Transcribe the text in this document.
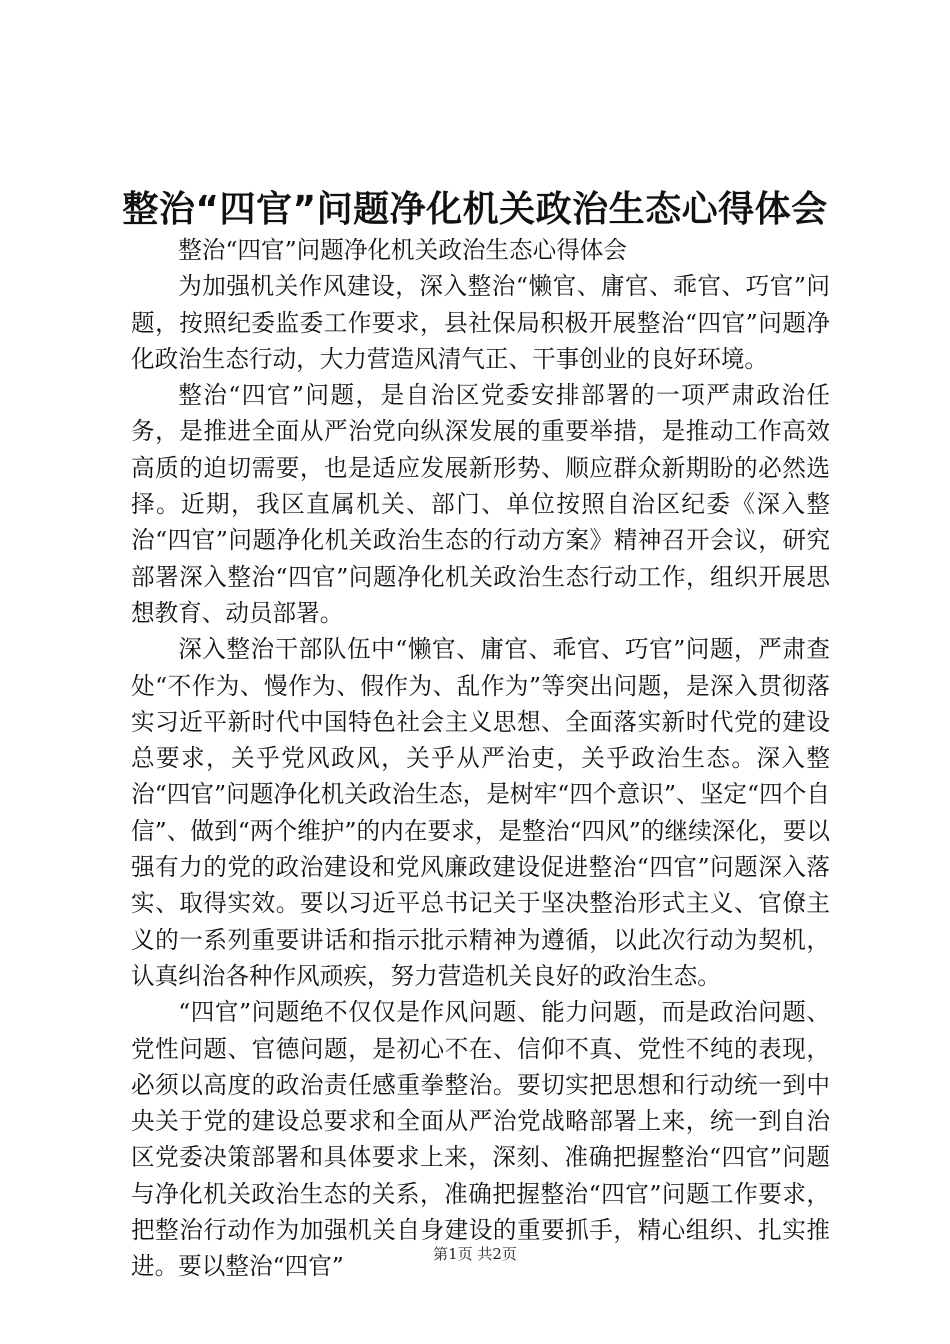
整治“四官”问题净化机关政治生态心得体会

整治“四官”问题净化机关政治生态心得体会

为加强机关作风建设，深入整治“懒官、庸官、乖官、巧官”问题，按照纪委监委工作要求，县社保局积极开展整治“四官”问题净化政治生态行动，大力营造风清气正、干事创业的良好环境。

整治“四官”问题，是自治区党委安排部署的一项严肃政治任务，是推进全面从严治党向纵深发展的重要举措，是推动工作高效高质的迫切需要，也是适应发展新形势、顺应群众新期盼的必然选择。近期，我区直属机关、部门、单位按照自治区纪委《深入整治“四官”问题净化机关政治生态的行动方案》精神召开会议，研究部署深入整治“四官”问题净化机关政治生态行动工作，组织开展思想教育、动员部署。

深入整治干部队伍中“懒官、庸官、乖官、巧官”问题，严肃查处“不作为、慢作为、假作为、乱作为”等突出问题，是深入贯彻落实习近平新时代中国特色社会主义思想、全面落实新时代党的建设总要求，关乎党风政风，关乎从严治吏，关乎政治生态。深入整治“四官”问题净化机关政治生态，是树牢“四个意识”、坚定“四个自信”、做到“两个维护”的内在要求，是整治“四风”的继续深化，要以强有力的党的政治建设和党风廉政建设促进整治“四官”问题深入落实、取得实效。要以习近平总书记关于坚决整治形式主义、官僚主义的一系列重要讲话和指示批示精神为遵循，以此次行动为契机，认真纠治各种作风顽疾，努力营造机关良好的政治生态。

“四官”问题绝不仅仅是作风问题、能力问题，而是政治问题、党性问题、官德问题，是初心不在、信仰不真、党性不纯的表现，必须以高度的政治责任感重拳整治。要切实把思想和行动统一到中央关于党的建设总要求和全面从严治党战略部署上来，统一到自治区党委决策部署和具体要求上来，深刻、准确把握整治“四官”问题与净化机关政治生态的关系，准确把握整治“四官”问题工作要求，把整治行动作为加强机关自身建设的重要抓手，精心组织、扎实推进。要以整治“四官”	第1页 共2页
